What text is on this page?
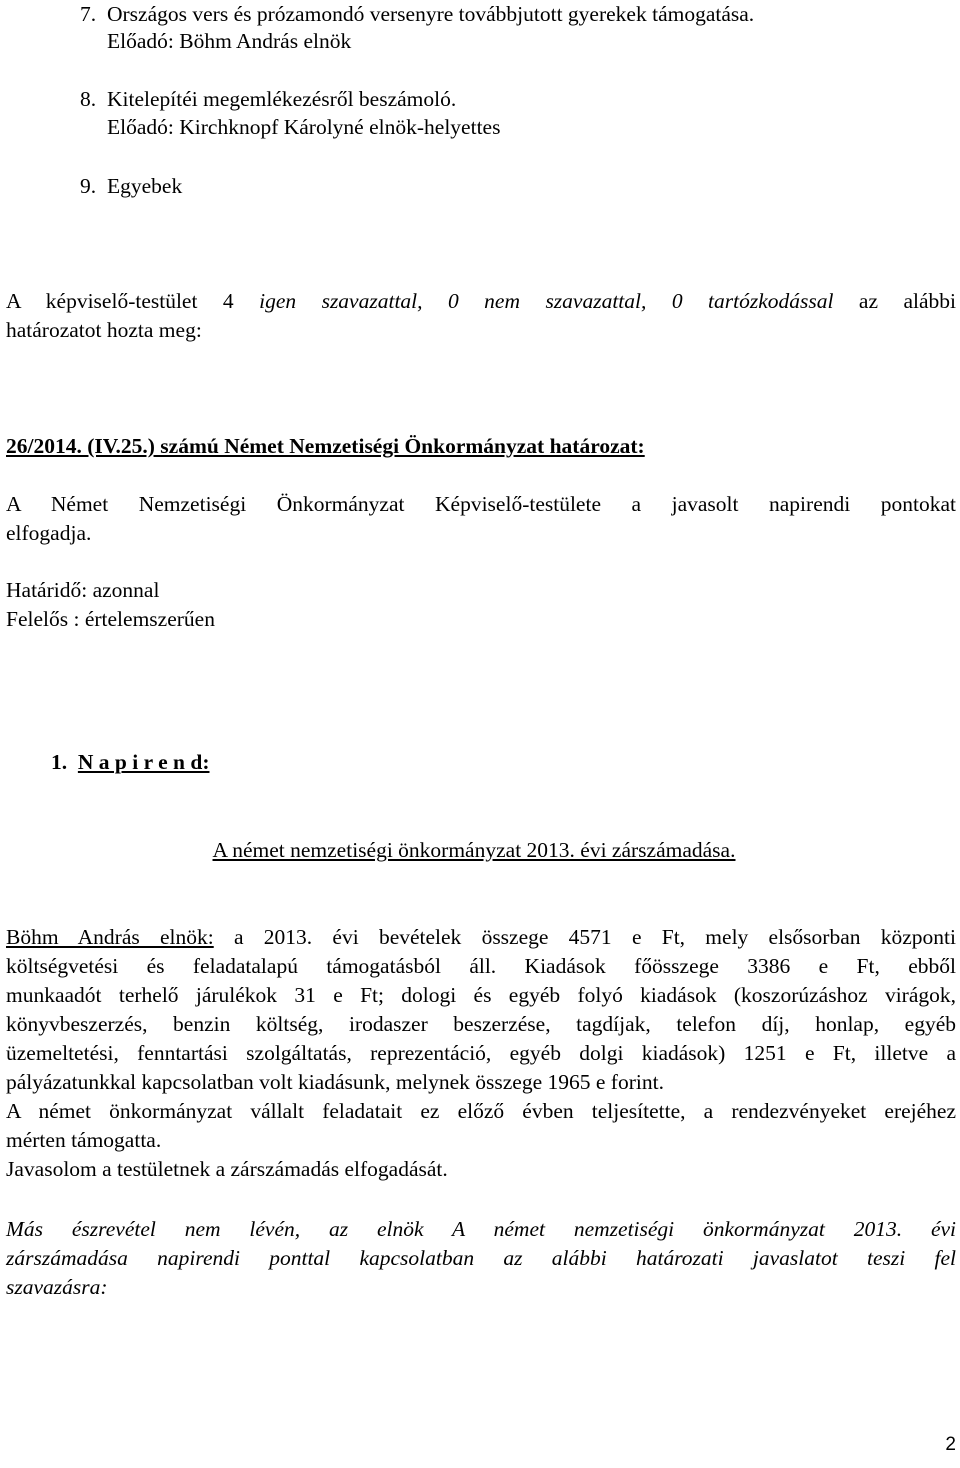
7. Országos vers és prózamondó versenyre továbbjutott gyerekek támogatása.
Előadó: Böhm András elnök
8. Kitelepítéi megemlékezésről beszámoló.
Előadó: Kirchknopf Károlyné elnök-helyettes
9. Egyebek
A képviselő-testület 4 igen szavazattal, 0 nem szavazattal, 0 tartózkodással az alábbi
határozatot hozta meg:
26/2014. (IV.25.) számú Német Nemzetiségi Önkormányzat határozat:
A Német Nemzetiségi Önkormányzat Képviselő-testülete a javasolt napirendi pontokat
elfogadja.
Határidő: azonnal
Felelős : értelemszerűen
1. N a p i r e n d:
A német nemzetiségi önkormányzat 2013. évi zárszámadása.
Böhm András elnök: a 2013. évi bevételek összege 4571 e Ft, mely elsősorban központi
költségvetési és feladatalapú támogatásból áll. Kiadások főösszege 3386 e Ft, ebből
munkaadót terhelő járulékok 31 e Ft; dologi és egyéb folyó kiadások (koszorúzáshoz virágok,
könyvbeszerzés, benzin költség, irodaszer beszerzése, tagdíjak, telefon díj, honlap, egyéb
üzemeltetési, fenntartási szolgáltatás, reprezentáció, egyéb dolgi kiadások) 1251 e Ft, illetve a
pályázatunkkal kapcsolatban volt kiadásunk, melynek összege 1965 e forint.
A német önkormányzat vállalt feladatait ez előző évben teljesítette, a rendezvényeket erejéhez
mérten támogatta.
Javasolom a testületnek a zárszámadás elfogadását.
Más észrevétel nem lévén, az elnök A német nemzetiségi önkormányzat 2013. évi
zárszámadása napirendi ponttal kapcsolatban az alábbi határozati javaslatot teszi fel
szavazásra:
2
